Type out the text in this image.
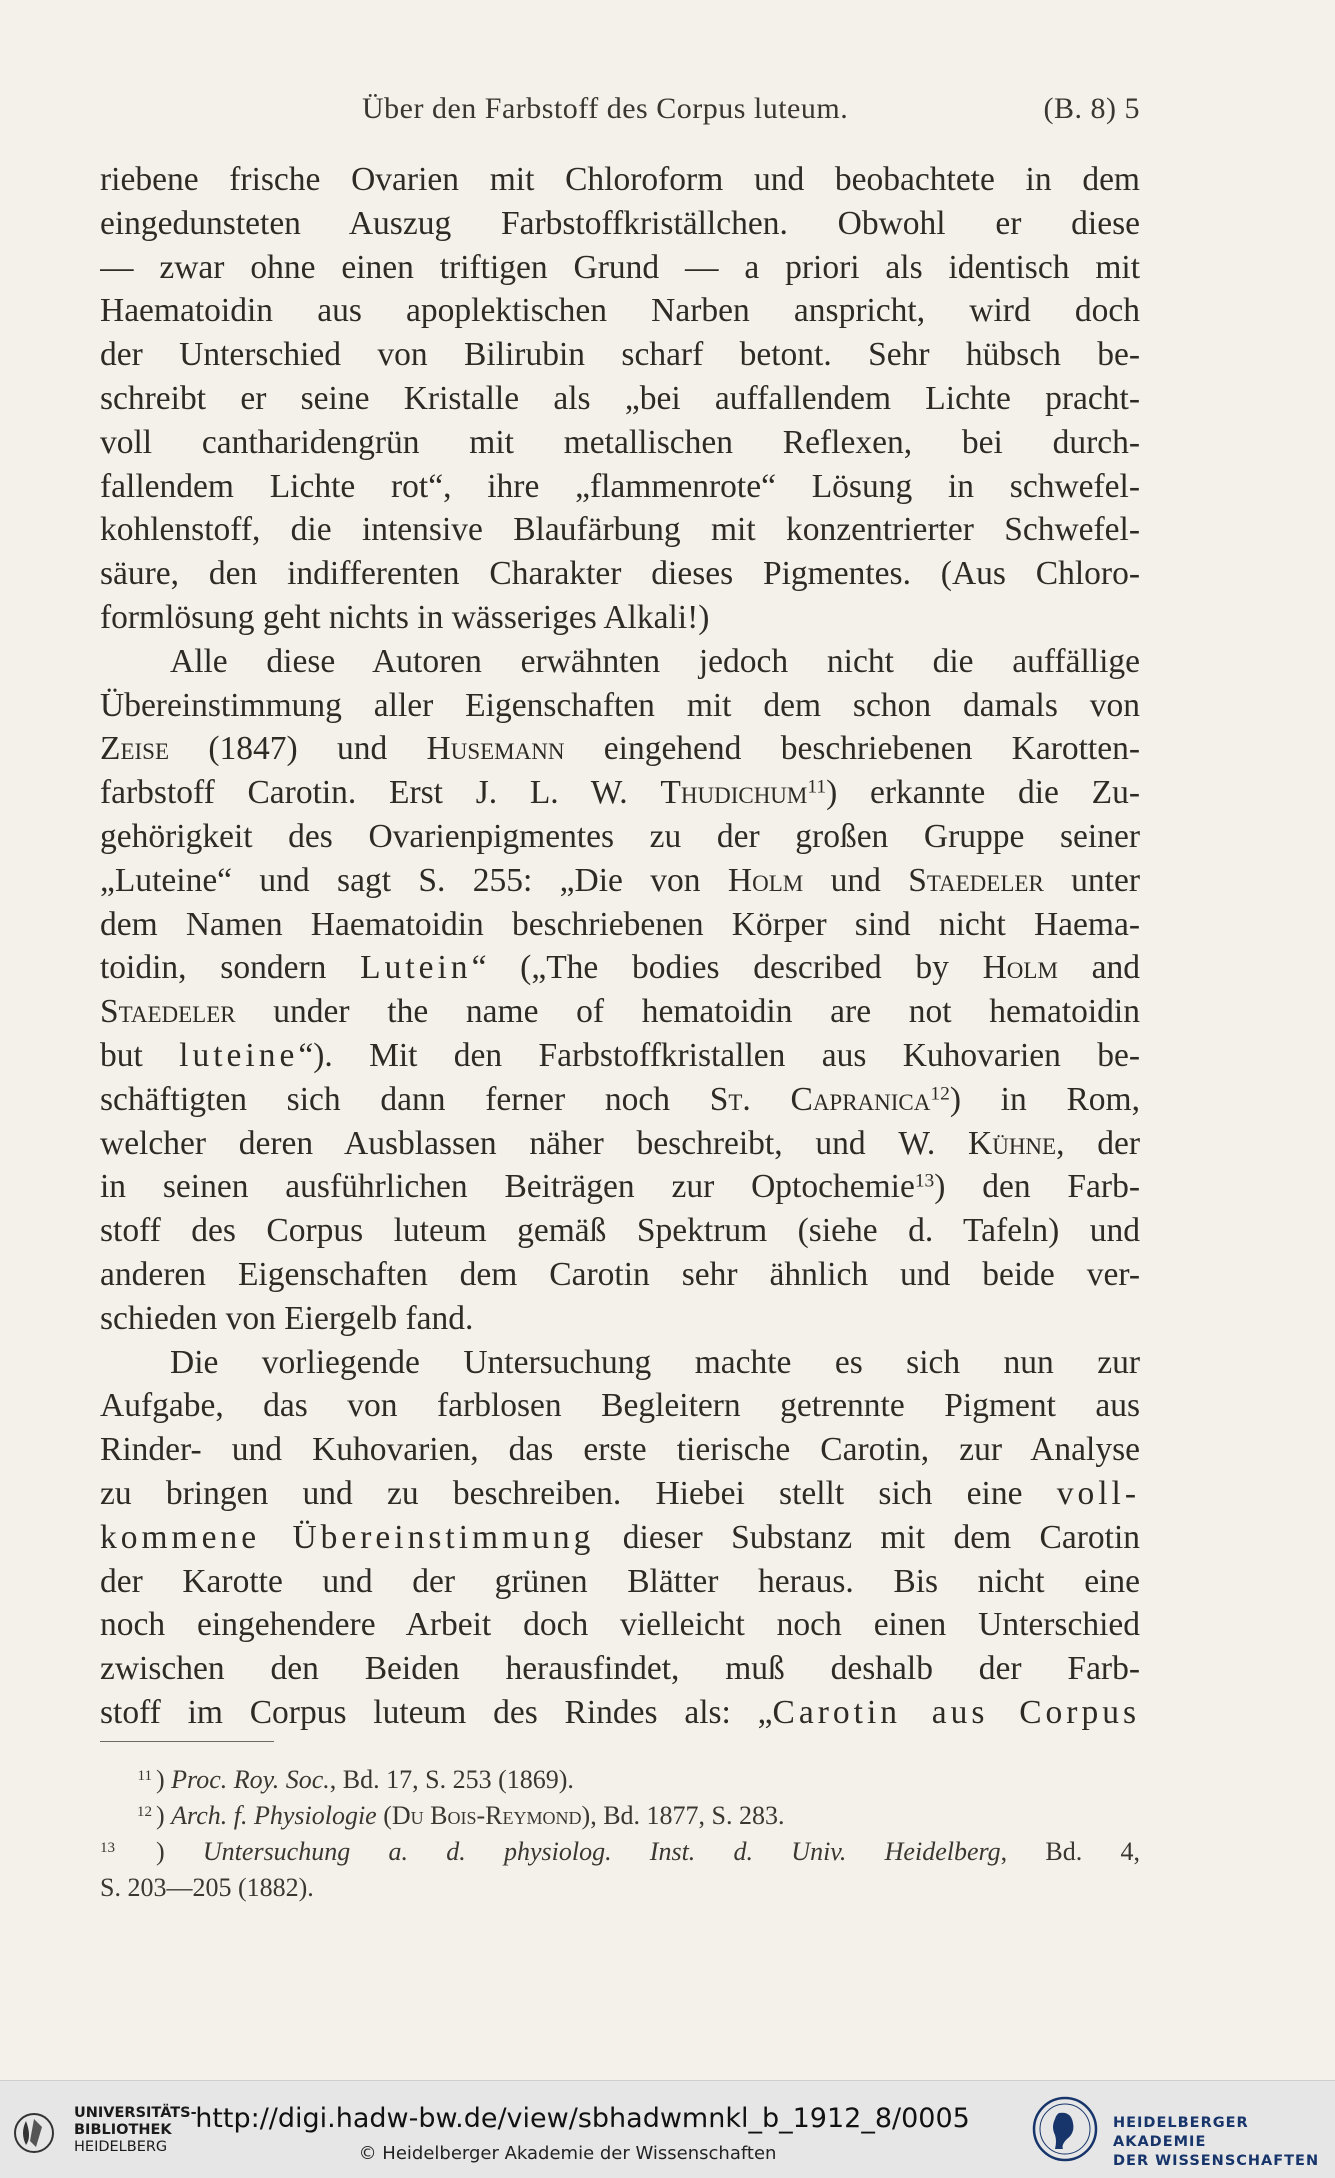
Über den Farbstoff des Corpus luteum.	(B. 8) 5
riebene frische Ovarien mit Chloroform und beobachtete in dem
eingedunsteten Auszug Farbstoffkriställchen. Obwohl er diese
— zwar ohne einen triftigen Grund — a priori als identisch mit
Haematoidin aus apoplektischen Narben anspricht, wird doch
der Unterschied von Bilirubin scharf betont. Sehr hübsch be-
schreibt er seine Kristalle als „bei auffallendem Lichte pracht-
voll cantharidengrün mit metallischen Reflexen, bei durch-
fallendem Lichte rot“, ihre „flammenrote“ Lösung in schwefel-
kohlenstoff, die intensive Blaufärbung mit konzentrierter Schwefel-
säure, den indifferenten Charakter dieses Pigmentes. (Aus Chloro-
formlösung geht nichts in wässeriges Alkali!)
Alle diese Autoren erwähnten jedoch nicht die auffällige
Übereinstimmung aller Eigenschaften mit dem schon damals von
Zeise (1847) und Husemann eingehend beschriebenen Karotten-
farbstoff Carotin. Erst J. L. W. Thudichum$^{11}$) erkannte die Zu-
gehörigkeit des Ovarienpigmentes zu der großen Gruppe seiner
„Luteine“ und sagt S. 255: „Die von Holm und Staedeler unter
dem Namen Haematoidin beschriebenen Körper sind nicht Haema-
toidin, sondern Lutein“ („The bodies described by Holm and
Staedeler under the name of hematoidin are not hematoidin
but luteine“). Mit den Farbstoffkristallen aus Kuhovarien be-
schäftigten sich dann ferner noch St. Capranica$^{12}$) in Rom,
welcher deren Ausblassen näher beschreibt, und W. Kühne, der
in seinen ausführlichen Beiträgen zur Optochemie$^{13}$) den Farb-
stoff des Corpus luteum gemäß Spektrum (siehe d. Tafeln) und
anderen Eigenschaften dem Carotin sehr ähnlich und beide ver-
schieden von Eiergelb fand.
Die vorliegende Untersuchung machte es sich nun zur
Aufgabe, das von farblosen Begleitern getrennte Pigment aus
Rinder- und Kuhovarien, das erste tierische Carotin, zur Analyse
zu bringen und zu beschreiben. Hiebei stellt sich eine voll-
kommene Übereinstimmung dieser Substanz mit dem Carotin
der Karotte und der grünen Blätter heraus. Bis nicht eine
noch eingehendere Arbeit doch vielleicht noch einen Unterschied
zwischen den Beiden herausfindet, muß deshalb der Farb-
stoff im Corpus luteum des Rindes als: „Carotin aus Corpus
$^{11}$ ) Proc. Roy. Soc., Bd. 17, S. 253 (1869).
$^{12}$ ) Arch. f. Physiologie (Du Bois-Reymond), Bd. 1877, S. 283.
$^{13}$ ) Untersuchung a. d. physiolog. Inst. d. Univ. Heidelberg, Bd. 4,
S. 203—205 (1882).
UNIVERSITÄTS-
BIBLIOTHEK
HEIDELBERG
http://digi.hadw-bw.de/view/sbhadwmnkl_b_1912_8/0005
© Heidelberger Akademie der Wissenschaften
HEIDELBERGER AKADEMIE
DER WISSENSCHAFTEN
